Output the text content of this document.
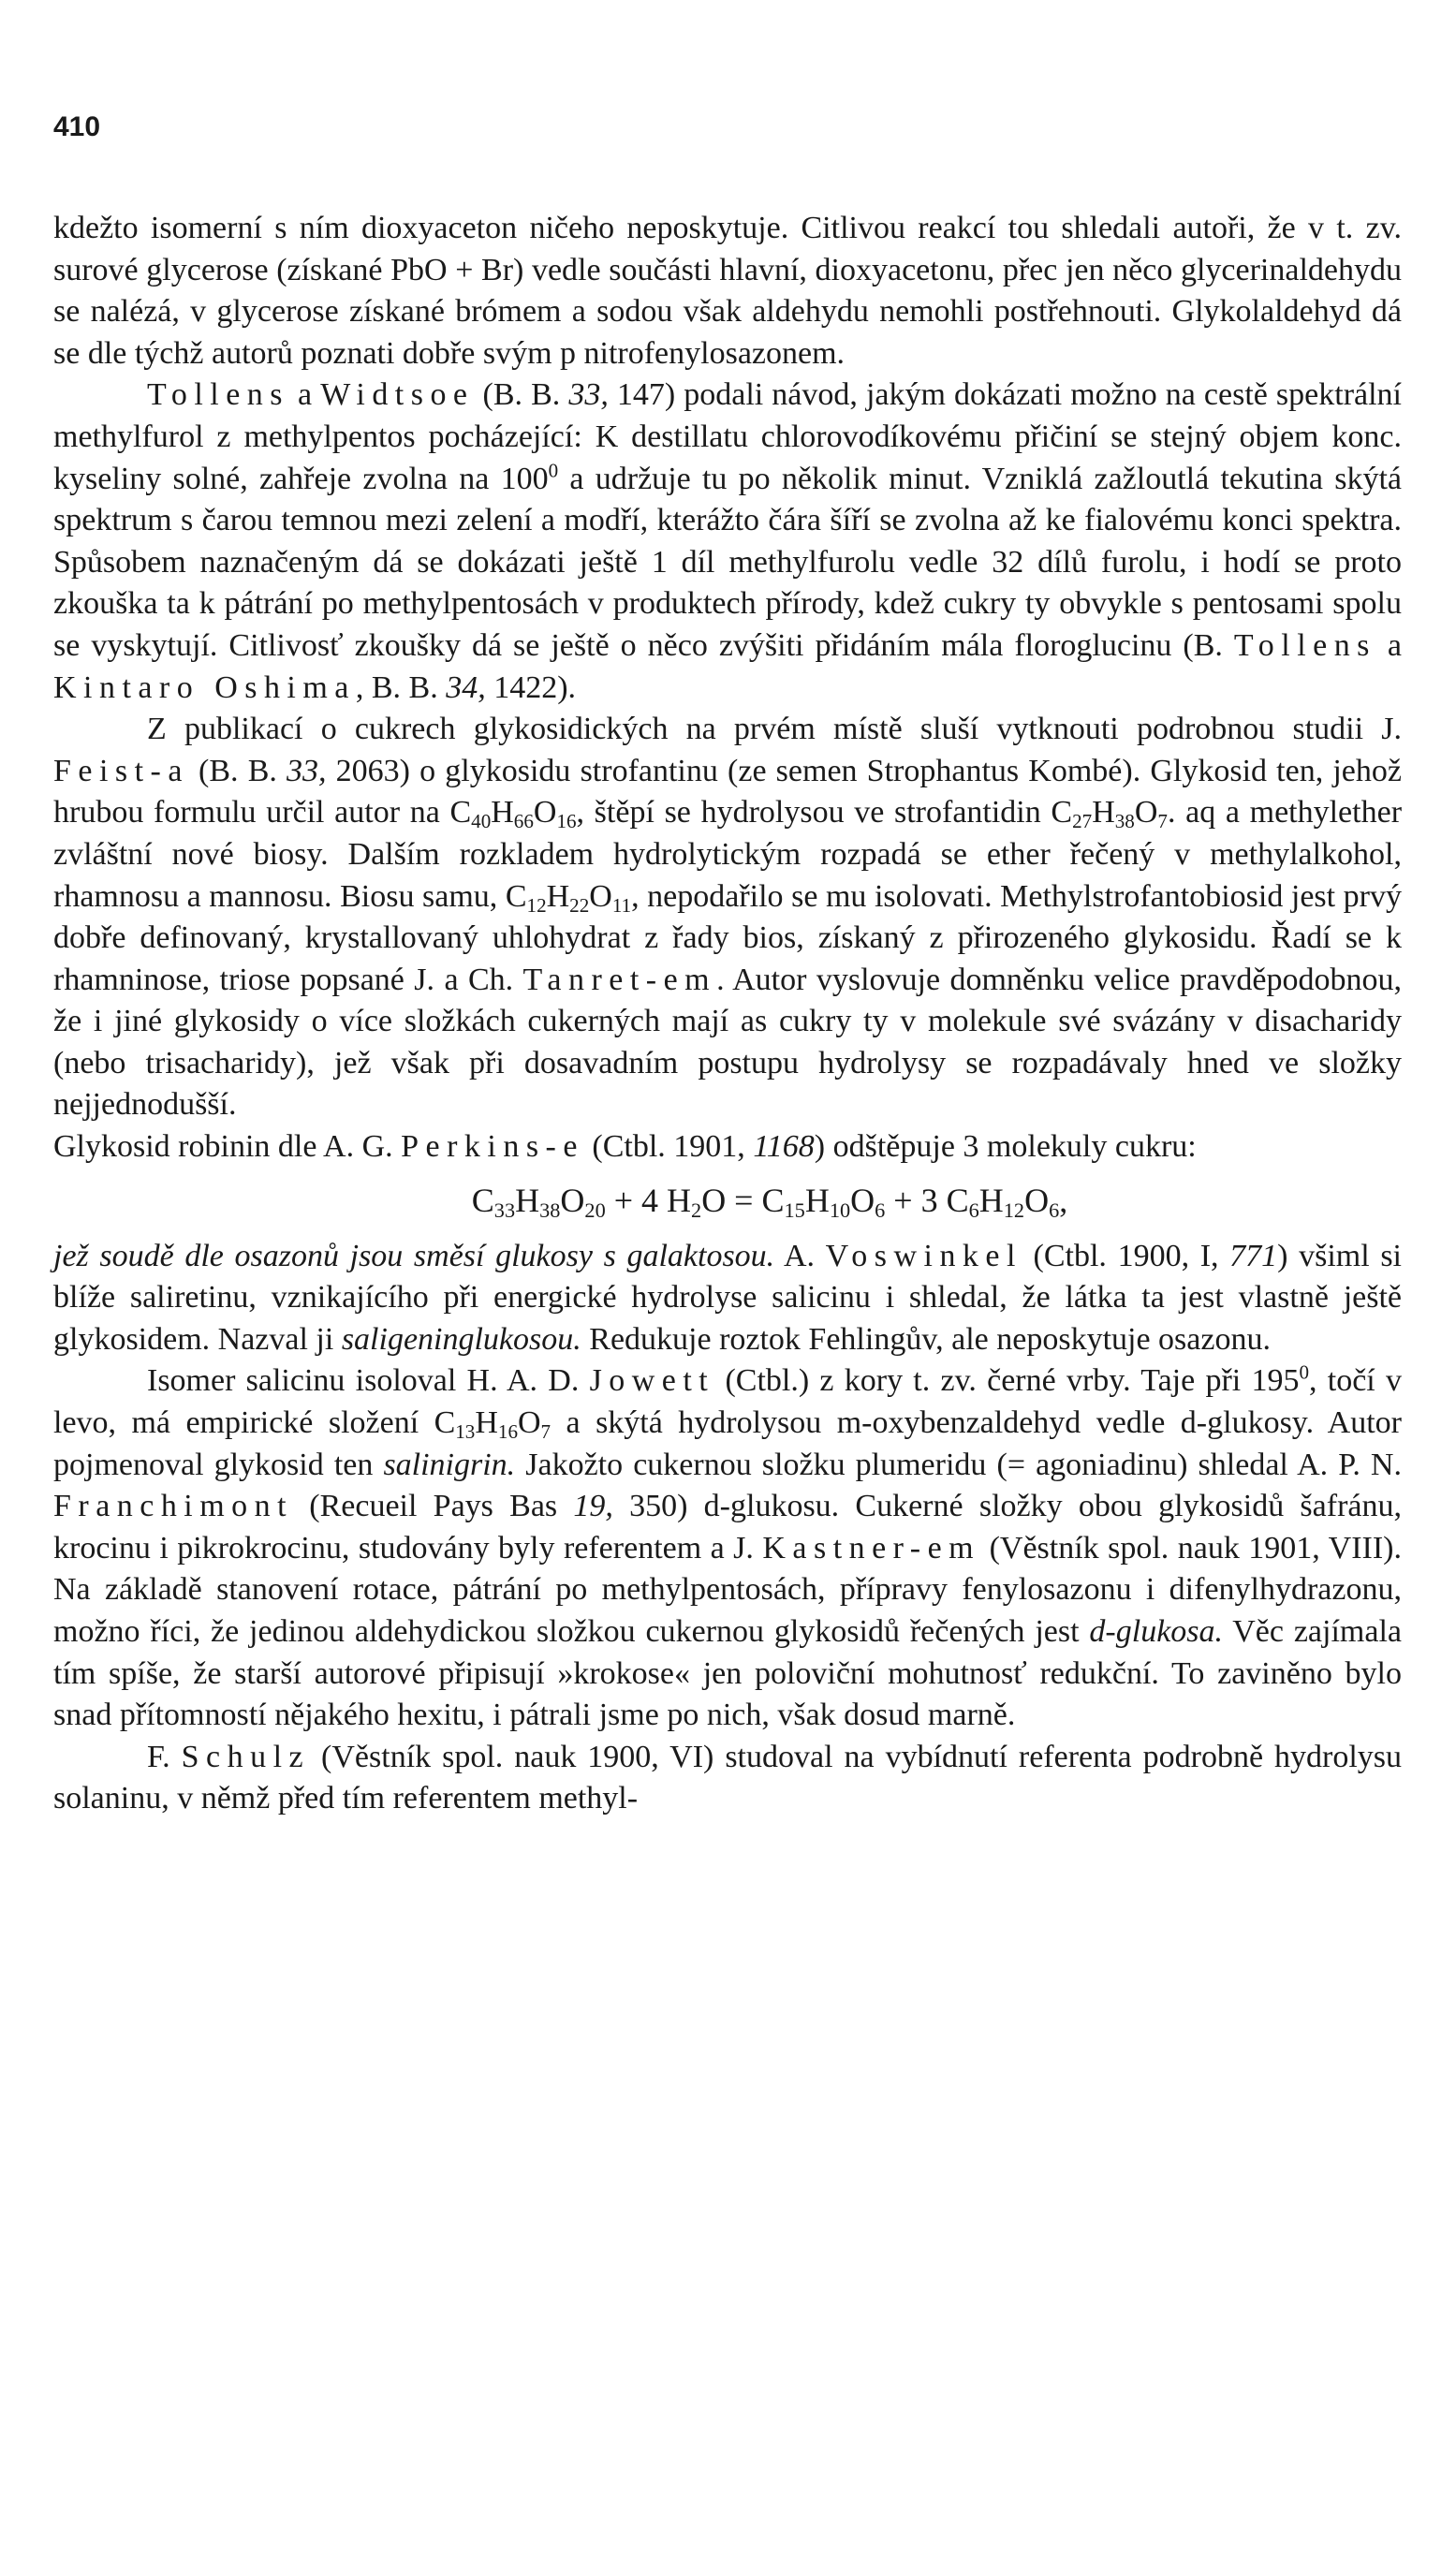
410

kdežto isomerní s ním dioxyaceton ničeho neposkytuje. Citlivou reakcí tou shledali autoři, že v t. zv. surové glycerose (získané PbO + Br) vedle součásti hlavní, dioxyacetonu, přec jen něco glycerinaldehydu se nalézá, v glycerose získané brómem a sodou však aldehydu nemohli postřehnouti. Glykolaldehyd dá se dle týchž autorů poznati dobře svým p nitrofenylosazonem.

Tollens a Widtsoe (B. B. 33, 147) podali návod, jakým dokázati možno na cestě spektrální methylfurol z methylpentos pocházející: K destillatu chlorovodíkovému přičiní se stejný objem konc. kyseliny solné, zahřeje zvolna na $100^0$ a udržuje tu po několik minut. Vzniklá zažloutlá tekutina skýtá spektrum s čarou temnou mezi zelení a modří, kterážto čára šíří se zvolna až ke fialovému konci spektra. Spůsobem naznačeným dá se dokázati ještě 1 díl methylfurolu vedle 32 dílů furolu, i hodí se proto zkouška ta k pátrání po methylpentosách v produktech přírody, kdež cukry ty obvykle s pentosami spolu se vyskytují. Citlivosť zkoušky dá se ještě o něco zvýšiti přidáním mála floroglucinu (B. Tollens a Kintaro Oshima, B. B. 34, 1422).

Z publikací o cukrech glykosidických na prvém místě sluší vytknouti podrobnou studii J. Feist-a (B. B. 33, 2063) o glykosidu strofantinu (ze semen Strophantus Kombé). Glykosid ten, jehož hrubou formulu určil autor na $C_{40}H_{66}O_{16}$, štěpí se hydrolysou ve strofantidin $C_{27}H_{38}O_7$. aq a methylether zvláštní nové biosy. Dalším rozkladem hydrolytickým rozpadá se ether řečený v methylalkohol, rhamnosu a mannosu. Biosu samu, $C_{12}H_{22}O_{11}$, nepodařilo se mu isolovati. Methylstrofantobiosid jest prvý dobře definovaný, krystallovaný uhlohydrat z řady bios, získaný z přirozeného glykosidu. Řadí se k rhamninose, triose popsané J. a Ch. Tanret-em. Autor vyslovuje domněnku velice pravděpodobnou, že i jiné glykosidy o více složkách cukerných mají as cukry ty v molekule své svázány v disacharidy (nebo trisacharidy), jež však při dosavadním postupu hydrolysy se rozpadávaly hned ve složky nejjednodušší.

Glykosid robinin dle A. G. Perkins-e (Ctbl. 1901, 1168) odštěpuje 3 molekuly cukru:

$C_{33}H_{38}O_{20} + 4$ $H_2O = C_{15}H_{10}O_6 + 3$ $C_6H_{12}O_6$,

jež soudě dle osazonů jsou směsí glukosy s galaktosou. A. Voswinkel (Ctbl. 1900, I, 771) všiml si blíže saliretinu, vznikajícího při energické hydrolyse salicinu i shledal, že látka ta jest vlastně ještě glykosidem. Nazval ji saligeninglukosou. Redukuje roztok Fehlingův, ale neposkytuje osazonu.

Isomer salicinu isoloval H. A. D. Jowett (Ctbl.) z kory t. zv. černé vrby. Taje při $195^0$, točí v levo, má empirické složení $C_{13}H_{16}O_7$ a skýtá hydrolysou m-oxybenzaldehyd vedle d-glukosy. Autor pojmenoval glykosid ten salinigrin. Jakožto cukernou složku plumeridu (= agoniadinu) shledal A. P. N. Franchimont (Recueil Pays Bas 19, 350) d-glukosu. Cukerné složky obou glykosidů šafránu, krocinu i pikrokrocinu, studovány byly referentem a J. Kastner-em (Věstník spol. nauk 1901, VIII). Na základě stanovení rotace, pátrání po methylpentosách, přípravy fenylosazonu i difenylhydrazonu, možno říci, že jedinou aldehydickou složkou cukernou glykosidů řečených jest d-glukosa. Věc zajímala tím spíše, že starší autorové připisují »krokose« jen poloviční mohutnosť redukční. To zaviněno bylo snad přítomností nějakého hexitu, i pátrali jsme po nich, však dosud marně.

F. Schulz (Věstník spol. nauk 1900, VI) studoval na vybídnutí referenta podrobně hydrolysu solaninu, v němž před tím referentem methyl-
